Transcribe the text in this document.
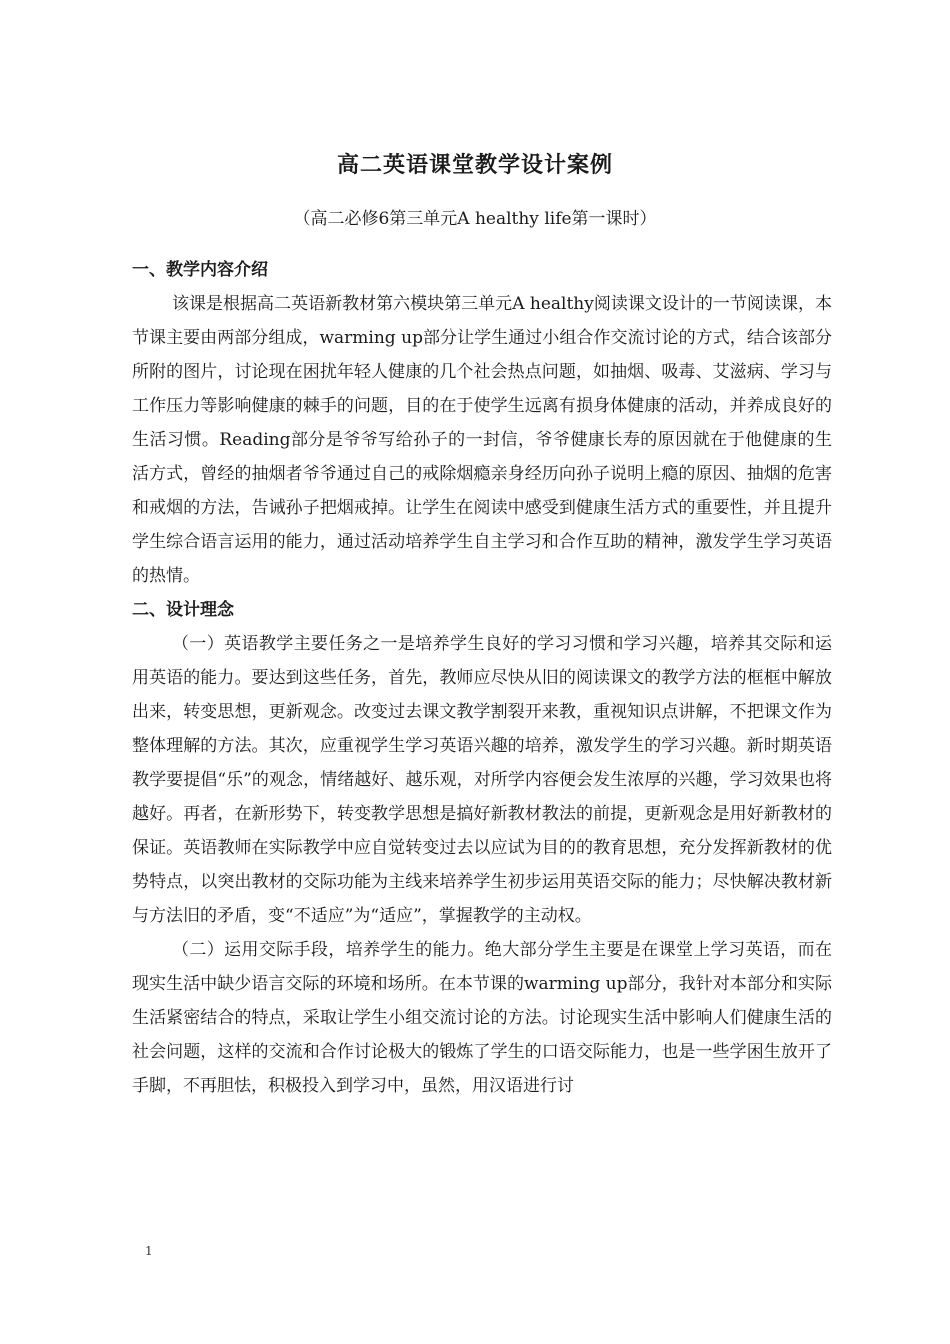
高二英语课堂教学设计案例
（高二必修6第三单元A healthy life第一课时）
一、教学内容介绍

该课是根据高二英语新教材第六模块第三单元A healthy阅读课文设计的一节阅读课，本节课主要由两部分组成，warming up部分让学生通过小组合作交流讨论的方式，结合该部分所附的图片，讨论现在困扰年轻人健康的几个社会热点问题，如抽烟、吸毒、艾滋病、学习与工作压力等影响健康的棘手的问题，目的在于使学生远离有损身体健康的活动，并养成良好的生活习惯。Reading部分是爷爷写给孙子的一封信，爷爷健康长寿的原因就在于他健康的生活方式，曾经的抽烟者爷爷通过自己的戒除烟瘾亲身经历向孙子说明上瘾的原因、抽烟的危害和戒烟的方法，告诫孙子把烟戒掉。让学生在阅读中感受到健康生活方式的重要性，并且提升学生综合语言运用的能力，通过活动培养学生自主学习和合作互助的精神，激发学生学习英语的热情。

二、设计理念

（一）英语教学主要任务之一是培养学生良好的学习习惯和学习兴趣，培养其交际和运用英语的能力。要达到这些任务，首先，教师应尽快从旧的阅读课文的教学方法的框框中解放出来，转变思想，更新观念。改变过去课文教学割裂开来教，重视知识点讲解，不把课文作为整体理解的方法。其次，应重视学生学习英语兴趣的培养，激发学生的学习兴趣。新时期英语教学要提倡“乐”的观念，情绪越好、越乐观，对所学内容便会发生浓厚的兴趣，学习效果也将越好。再者，在新形势下，转变教学思想是搞好新教材教法的前提，更新观念是用好新教材的保证。英语教师在实际教学中应自觉转变过去以应试为目的的教育思想，充分发挥新教材的优势特点，以突出教材的交际功能为主线来培养学生初步运用英语交际的能力；尽快解决教材新与方法旧的矛盾，变“不适应”为“适应”，掌握教学的主动权。

（二）运用交际手段，培养学生的能力。绝大部分学生主要是在课堂上学习英语，而在现实生活中缺少语言交际的环境和场所。在本节课的warming up部分，我针对本部分和实际生活紧密结合的特点，采取让学生小组交流讨论的方法。讨论现实生活中影响人们健康生活的社会问题，这样的交流和合作讨论极大的锻炼了学生的口语交际能力，也是一些学困生放开了手脚，不再胆怯，积极投入到学习中，虽然，用汉语进行讨

1
